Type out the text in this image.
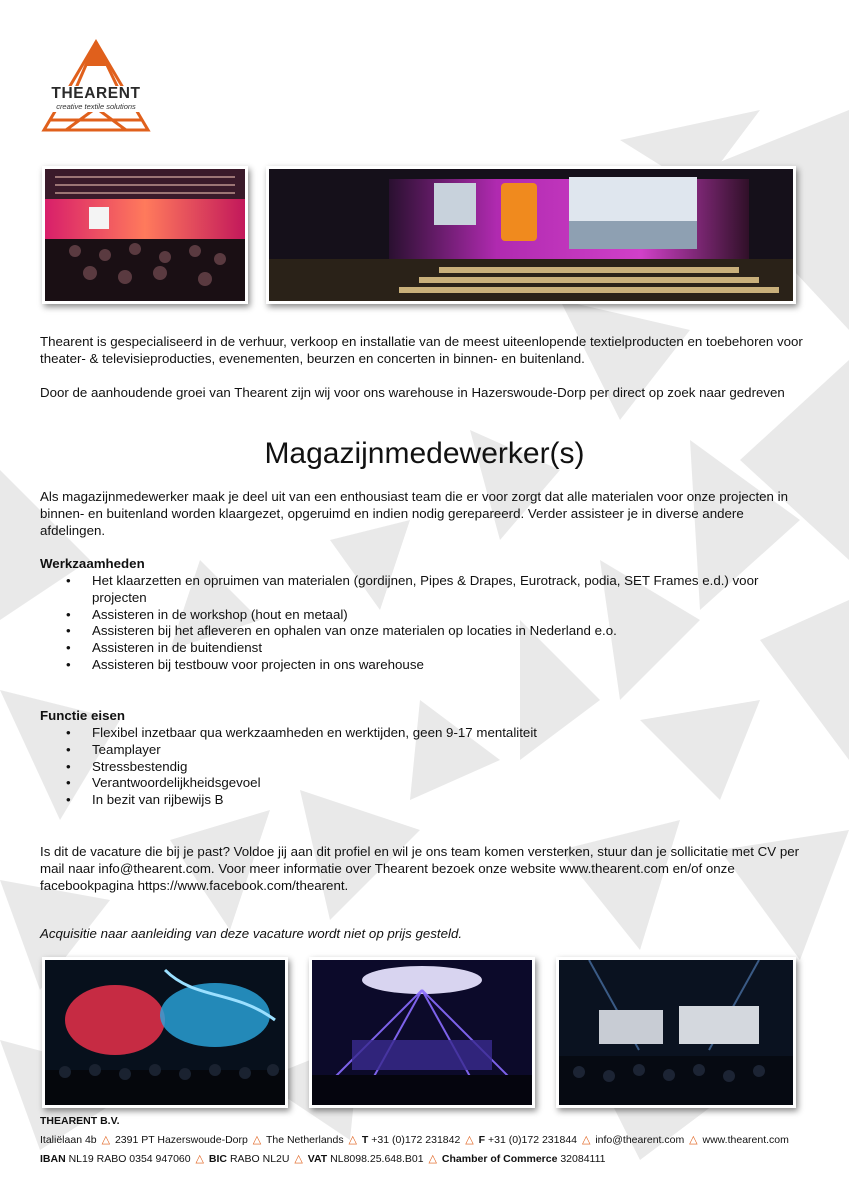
THEARENT
creative textile solutions

Thearent is gespecialiseerd in de verhuur, verkoop en installatie van de meest uiteenlopende textielproducten en toebehoren voor theater- & televisieproducties, evenementen, beurzen en concerten in binnen- en buitenland.

Door de aanhoudende groei van Thearent zijn wij voor ons warehouse in Hazerswoude-Dorp per direct op zoek naar gedreven

Magazijnmedewerker(s)

Als magazijnmedewerker maak je deel uit van een enthousiast team die er voor zorgt dat alle materialen voor onze projecten in binnen- en buitenland worden klaargezet, opgeruimd en indien nodig gerepareerd. Verder assisteer je in diverse andere afdelingen.

Werkzaamheden
• Het klaarzetten en opruimen van materialen (gordijnen, Pipes & Drapes, Eurotrack, podia, SET Frames e.d.) voor projecten
• Assisteren in de workshop (hout en metaal)
• Assisteren bij het afleveren en ophalen van onze materialen op locaties in Nederland e.o.
• Assisteren in de buitendienst
• Assisteren bij testbouw voor projecten in ons warehouse
Functie eisen
• Flexibel inzetbaar qua werkzaamheden en werktijden, geen 9-17 mentaliteit
• Teamplayer
• Stressbestendig
• Verantwoordelijkheidsgevoel
• In bezit van rijbewijs B

Is dit de vacature die bij je past? Voldoe jij aan dit profiel en wil je ons team komen versterken, stuur dan je sollicitatie met CV per mail naar info@thearent.com. Voor meer informatie over Thearent bezoek onze website www.thearent.com en/of onze facebookpagina https://www.facebook.com/thearent.

Acquisitie naar aanleiding van deze vacature wordt niet op prijs gesteld.

THEARENT B.V.
Italiëlaan 4b △ 2391 PT Hazerswoude-Dorp △ The Netherlands △ T +31 (0)172 231842 △ F +31 (0)172 231844 △ info@thearent.com △ www.thearent.com
IBAN NL19 RABO 0354 947060 △ BIC RABO NL2U △ VAT NL8098.25.648.B01 △ Chamber of Commerce 32084111
